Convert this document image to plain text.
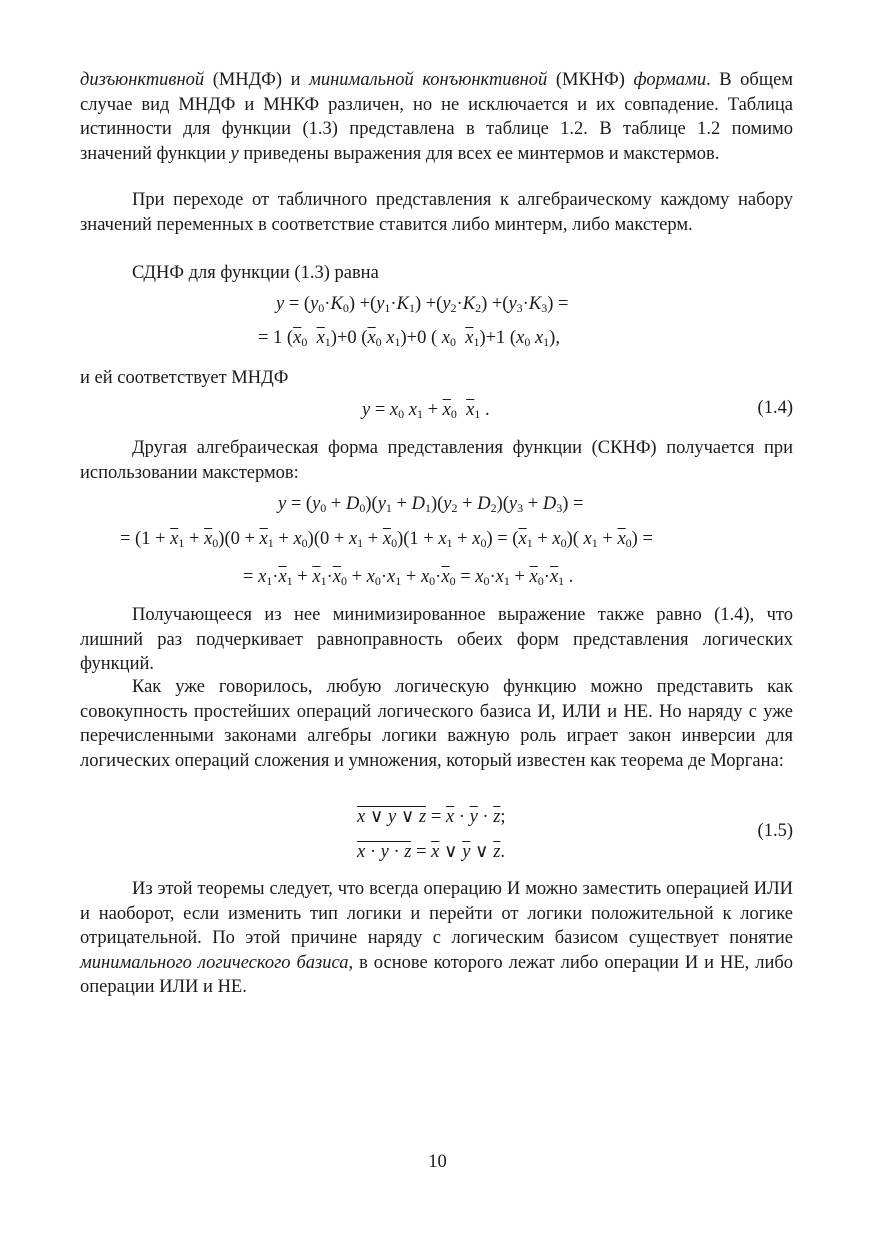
дизъюнктивной (МНДФ) и минимальной конъюнктивной (МКНФ) формами. В общем случае вид МНДФ и МНКФ различен, но не исключается и их совпадение. Таблица истинности для функции (1.3) представлена в таблице 1.2. В таблице 1.2 помимо значений функции y приведены выражения для всех ее минтермов и макстермов.

При переходе от табличного представления к алгебраическому каждому набору значений переменных в соответствие ставится либо минтерм, либо макстерм.

СДНФ для функции (1.3) равна

$y = (y_0\cdot K_0) +(y_1\cdot K_1) +(y_2\cdot K_2) +(y_3\cdot K_3)$ =
= 1 ($\overline{x}_0$ $\overline{x}_1)+0$ ($\overline{x}_0$ $x_1)+0$ ( $x_0$ $\overline{x}_1)+1$ ($x_0$ $x_1$),

и ей соответствует МНДФ

$y = x_0$ $x_1 + \overline{x}_0$ $\overline{x}_1$ .	(1.4)

Другая алгебраическая форма представления функции (СКНФ) получается при использовании макстермов:

$y = (y_0 + D_0)(y_1 + D_1)(y_2 + D_2)(y_3 + D_3)$ =
= $(1 + \overline{x}_1 + \overline{x}_0)(0 + \overline{x}_1 + x_0)(0 + x_1 + \overline{x}_0)(1 + x_1 + x_0) = (\overline{x}_1 + x_0)$( $x_1 + \overline{x}_0$) =
= $x_1\cdot\overline{x}_1 + \overline{x}_1\cdot\overline{x}_0 + x_0\cdot x_1 + x_0\cdot\overline{x}_0 = x_0\cdot x_1 + \overline{x}_0\cdot\overline{x}_1$ .

Получающееся из нее минимизированное выражение также равно (1.4), что лишний раз подчеркивает равноправность обеих форм представления логических функций.

Как уже говорилось, любую логическую функцию можно представить как совокупность простейших операций логического базиса И, ИЛИ и НЕ. Но наряду с уже перечисленными законами алгебры логики важную роль играет закон инверсии для логических операций сложения и умножения, который известен как теорема де Моргана:

x ∨ y ∨ $z = \overline{x} \cdot \overline{y} \cdot \overline{z}$;
$x \cdot y \cdot z = \overline{x}$ ∨ $\overline{y}$ ∨ $\overline{z}$.
(1.5)

Из этой теоремы следует, что всегда операцию И можно заместить операцией ИЛИ и наоборот, если изменить тип логики и перейти от логики положительной к логике отрицательной. По этой причине наряду с логическим базисом существует понятие минимального логического базиса, в основе которого лежат либо операции И и НЕ, либо операции ИЛИ и НЕ.

10
